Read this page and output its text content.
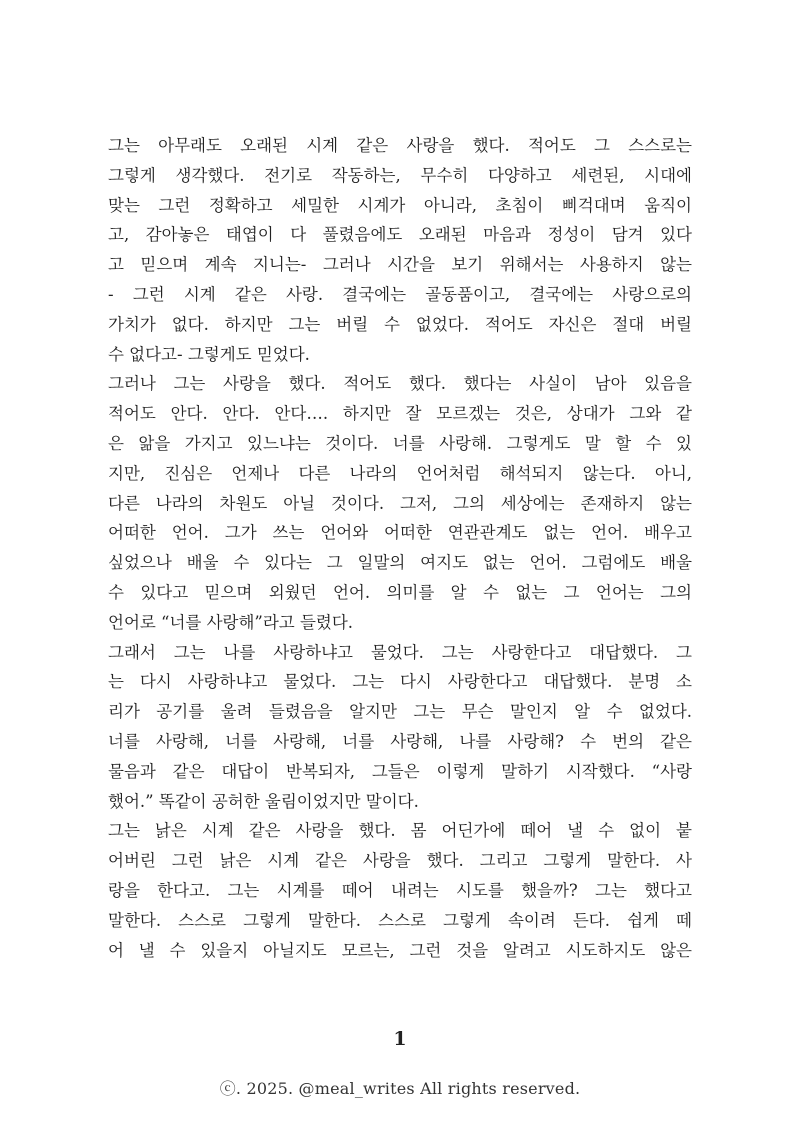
그는 아무래도 오래된 시계 같은 사랑을 했다. 적어도 그 스스로는
그렇게 생각했다. 전기로 작동하는, 무수히 다양하고 세련된, 시대에
맞는 그런 정확하고 세밀한 시계가 아니라, 초침이 삐걱대며 움직이
고, 감아놓은 태엽이 다 풀렸음에도 오래된 마음과 정성이 담겨 있다
고 믿으며 계속 지니는- 그러나 시간을 보기 위해서는 사용하지 않는
- 그런 시계 같은 사랑. 결국에는 골동품이고, 결국에는 사랑으로의
가치가 없다. 하지만 그는 버릴 수 없었다. 적어도 자신은 절대 버릴
수 없다고- 그렇게도 믿었다.
그러나 그는 사랑을 했다. 적어도 했다. 했다는 사실이 남아 있음을
적어도 안다. 안다. 안다…. 하지만 잘 모르겠는 것은, 상대가 그와 같
은 앎을 가지고 있느냐는 것이다. 너를 사랑해. 그렇게도 말 할 수 있
지만, 진심은 언제나 다른 나라의 언어처럼 해석되지 않는다. 아니,
다른 나라의 차원도 아닐 것이다. 그저, 그의 세상에는 존재하지 않는
어떠한 언어. 그가 쓰는 언어와 어떠한 연관관계도 없는 언어. 배우고
싶었으나 배울 수 있다는 그 일말의 여지도 없는 언어. 그럼에도 배울
수 있다고 믿으며 외웠던 언어. 의미를 알 수 없는 그 언어는 그의
언어로 “너를 사랑해”라고 들렸다.
그래서 그는 나를 사랑하냐고 물었다. 그는 사랑한다고 대답했다. 그
는 다시 사랑하냐고 물었다. 그는 다시 사랑한다고 대답했다. 분명 소
리가 공기를 울려 들렸음을 알지만 그는 무슨 말인지 알 수 없었다.
너를 사랑해, 너를 사랑해, 너를 사랑해, 나를 사랑해? 수 번의 같은
물음과 같은 대답이 반복되자, 그들은 이렇게 말하기 시작했다. “사랑
했어.” 똑같이 공허한 울림이었지만 말이다.
그는 낡은 시계 같은 사랑을 했다. 몸 어딘가에 떼어 낼 수 없이 붙
어버린 그런 낡은 시계 같은 사랑을 했다. 그리고 그렇게 말한다. 사
랑을 한다고. 그는 시계를 떼어 내려는 시도를 했을까? 그는 했다고
말한다. 스스로 그렇게 말한다. 스스로 그렇게 속이려 든다. 쉽게 떼
어 낼 수 있을지 아닐지도 모르는, 그런 것을 알려고 시도하지도 않은
1
ⓒ. 2025. @meal_writes All rights reserved.
